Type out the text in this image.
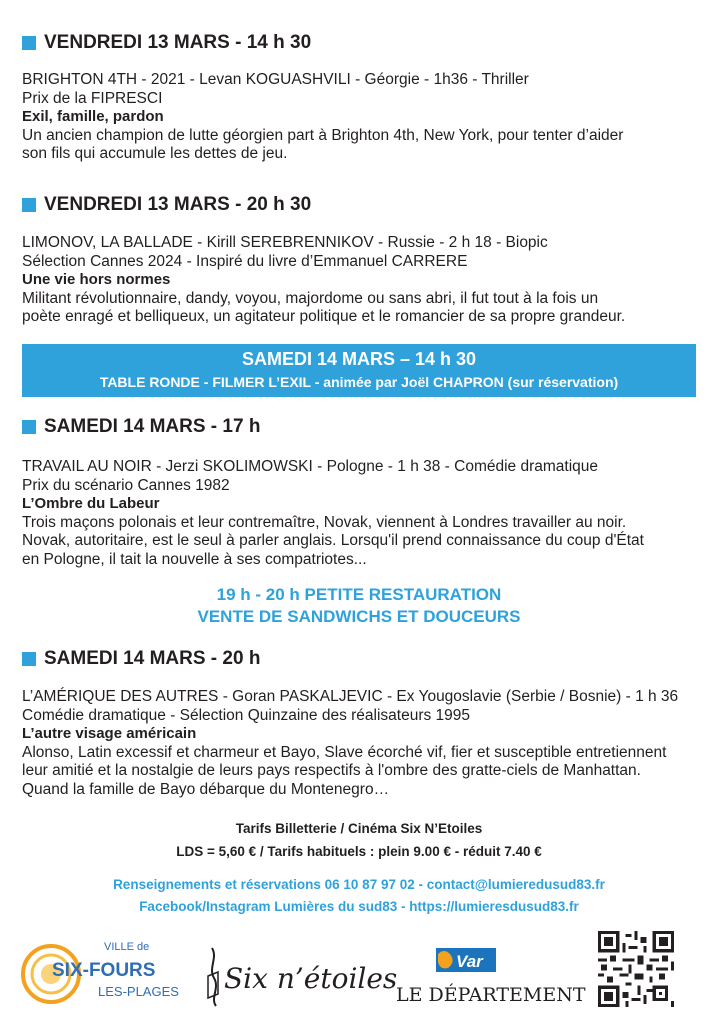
VENDREDI 13 MARS - 14 h 30
BRIGHTON 4TH - 2021 - Levan KOGUASHVILI - Géorgie - 1h36 - Thriller
Prix de la FIPRESCI
Exil, famille, pardon
Un ancien champion de lutte géorgien part à Brighton 4th, New York, pour tenter d’aider
son fils qui accumule les dettes de jeu.
VENDREDI 13 MARS - 20 h 30
LIMONOV, LA BALLADE - Kirill SEREBRENNIKOV - Russie - 2 h 18 - Biopic
Sélection Cannes 2024 - Inspiré du livre d’Emmanuel CARRERE
Une vie hors normes
Militant révolutionnaire, dandy, voyou, majordome ou sans abri, il fut tout à la fois un
poète enragé et belliqueux, un agitateur politique et le romancier de sa propre grandeur.
SAMEDI 14 MARS – 14 h 30
TABLE RONDE - FILMER L’EXIL - animée par Joël CHAPRON (sur réservation)
SAMEDI 14 MARS - 17 h
TRAVAIL AU NOIR - Jerzi SKOLIMOWSKI - Pologne - 1 h 38 - Comédie dramatique
Prix du scénario Cannes 1982
L’Ombre du Labeur
Trois maçons polonais et leur contremaître, Novak, viennent à Londres travailler au noir.
Novak, autoritaire, est le seul à parler anglais. Lorsqu'il prend connaissance du coup d'État
en Pologne, il tait la nouvelle à ses compatriotes...
19 h - 20 h PETITE RESTAURATION
VENTE DE SANDWICHS ET DOUCEURS
SAMEDI 14 MARS - 20 h
L’AMÉRIQUE DES AUTRES - Goran PASKALJEVIC - Ex Yougoslavie (Serbie / Bosnie) - 1 h 36
Comédie dramatique - Sélection Quinzaine des réalisateurs 1995
L’autre visage américain
Alonso, Latin excessif et charmeur et Bayo, Slave écorché vif, fier et susceptible entretiennent
leur amitié et la nostalgie de leurs pays respectifs à l'ombre des gratte-ciels de Manhattan.
Quand la famille de Bayo débarque du Montenegro…
Tarifs Billetterie / Cinéma Six N’Etoiles
LDS = 5,60 € / Tarifs habituels : plein 9.00 € - réduit 7.40 €
Renseignements et réservations 06 10 87 97 02 - contact@lumieredusud83.fr
Facebook/Instagram Lumières du sud83 - https://lumieresdusud83.fr
VILLE de
SIX-FOURS
LES-PLAGES Six n’étoiles
Var
LE DÉPARTEMENT
